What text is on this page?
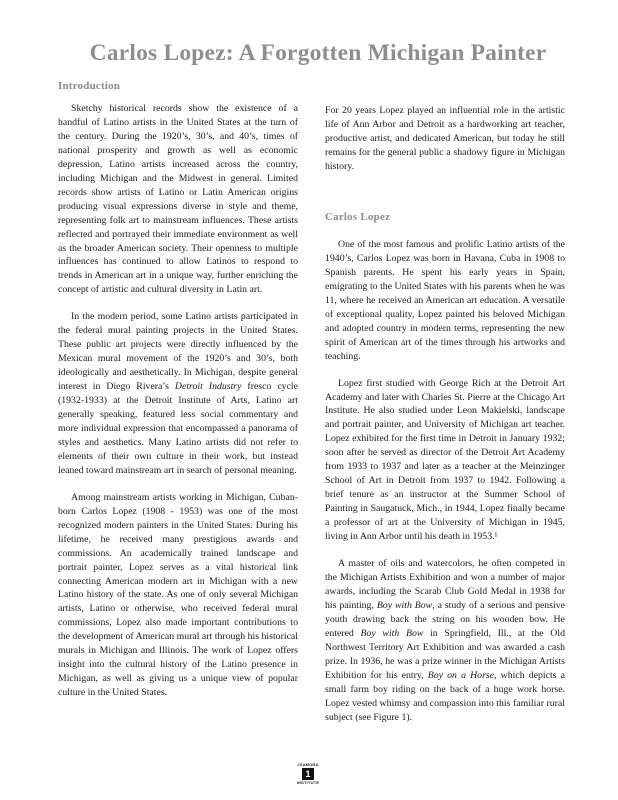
Carlos Lopez: A Forgotten Michigan Painter
Introduction

Sketchy historical records show the existence of a handful of Latino artists in the United States at the turn of the century. During the 1920’s, 30’s, and 40’s, times of national prosperity and growth as well as economic depression, Latino artists increased across the country, including Michigan and the Midwest in general. Limited records show artists of Latino or Latin American origins producing visual expressions diverse in style and theme, representing folk art to mainstream influences. These artists reflected and portrayed their immediate environment as well as the broader American society. Their openness to multiple influences has continued to allow Latinos to respond to trends in American art in a unique way, further enriching the concept of artistic and cultural diversity in Latin art.

In the modern period, some Latino artists participated in the federal mural painting projects in the United States. These public art projects were directly influenced by the Mexican mural movement of the 1920’s and 30’s, both ideologically and aesthetically. In Michigan, despite general interest in Diego Rivera’s Detroit Industry fresco cycle (1932-1933) at the Detroit Institute of Arts, Latino art generally speaking, featured less social commentary and more individual expression that encompassed a panorama of styles and aesthetics. Many Latino artists did not refer to elements of their own culture in their work, but instead leaned toward mainstream art in search of personal meaning.

Among mainstream artists working in Michigan, Cuban-born Carlos Lopez (1908 - 1953) was one of the most recognized modern painters in the United States. During his lifetime, he received many prestigious awards and commissions. An academically trained landscape and portrait painter, Lopez serves as a vital historical link connecting American modern art in Michigan with a new Latino history of the state. As one of only several Michigan artists, Latino or otherwise, who received federal mural commissions, Lopez also made important contributions to the development of American mural art through his historical murals in Michigan and Illinois. The work of Lopez offers insight into the cultural history of the Latino presence in Michigan, as well as giving us a unique view of popular culture in the United States.

For 20 years Lopez played an influential role in the artistic life of Ann Arbor and Detroit as a hardworking art teacher, productive artist, and dedicated American, but today he still remains for the general public a shadowy figure in Michigan history.

Carlos Lopez

One of the most famous and prolific Latino artists of the 1940’s, Carlos Lopez was born in Havana, Cuba in 1908 to Spanish parents. He spent his early years in Spain, emigrating to the United States with his parents when he was 11, where he received an American art education. A versatile of exceptional quality, Lopez painted his beloved Michigan and adopted country in modern terms, representing the new spirit of American art of the times through his artworks and teaching.

Lopez first studied with George Rich at the Detroit Art Academy and later with Charles St. Pierre at the Chicago Art Institute. He also studied under Leon Makielski, landscape and portrait painter, and University of Michigan art teacher. Lopez exhibited for the first time in Detroit in January 1932; soon after he served as director of the Detroit Art Academy from 1933 to 1937 and later as a teacher at the Meinzinger School of Art in Detroit from 1937 to 1942. Following a brief tenure as an instructor at the Summer School of Painting in Saugatuck, Mich., in 1944, Lopez finally became a professor of art at the University of Michigan in 1945, living in Ann Arbor until his death in 1953.¹

A master of oils and watercolors, he often competed in the Michigan Artists Exhibition and won a number of major awards, including the Scarab Club Gold Medal in 1938 for his painting, Boy with Bow, a study of a serious and pensive youth drawing back the string on his wooden bow. He entered Boy with Bow in Springfield, Ill., at the Old Northwest Territory Art Exhibition and was awarded a cash prize. In 1936, he was a prize winner in the Michigan Artists Exhibition for his entry, Boy on a Horse, which depicts a small farm boy riding on the back of a huge work horse. Lopez vested whimsy and compassion into this familiar rural subject (see Figure 1).

JSAMORA
1
INSTITUTE
